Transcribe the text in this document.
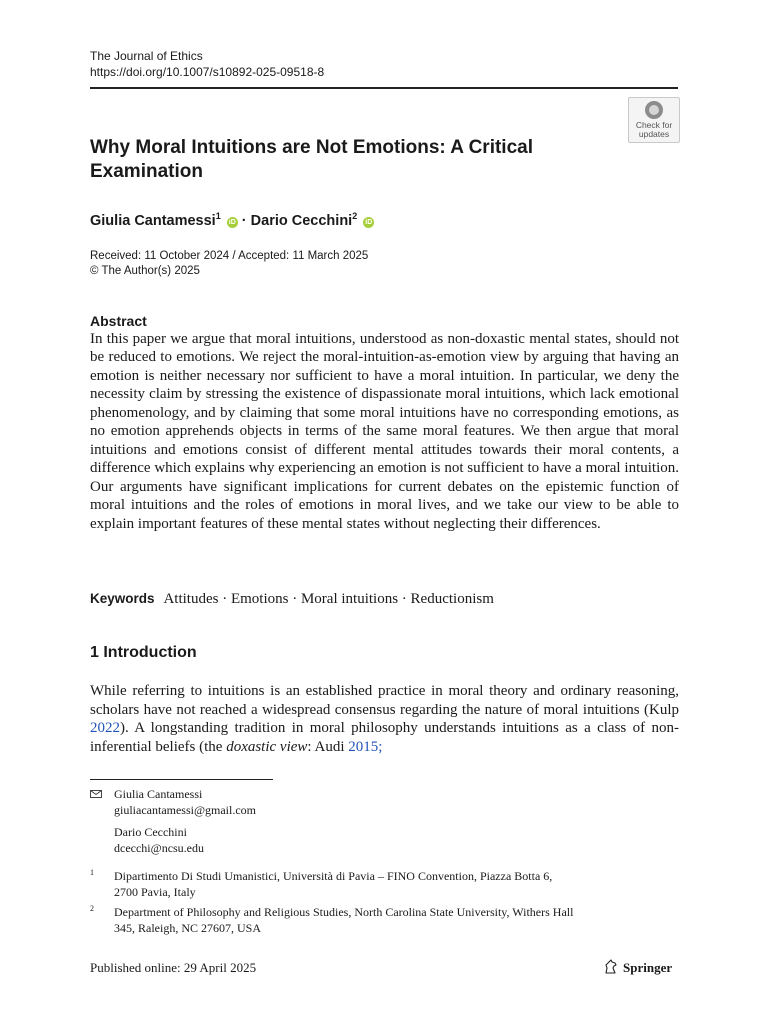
The Journal of Ethics
https://doi.org/10.1007/s10892-025-09518-8
Check for
updates
Why Moral Intuitions are Not Emotions: A Critical Examination
Giulia Cantamessi$^1$ iD · Dario Cecchini$^2$ iD
Received: 11 October 2024 / Accepted: 11 March 2025
© The Author(s) 2025
Abstract
In this paper we argue that moral intuitions, understood as non-doxastic mental states, should not be reduced to emotions. We reject the moral-intuition-as-emotion view by arguing that having an emotion is neither necessary nor sufficient to have a moral intuition. In particular, we deny the necessity claim by stressing the existence of dispassionate moral intuitions, which lack emotional phenomenology, and by claiming that some moral intuitions have no corresponding emotions, as no emotion apprehends objects in terms of the same moral features. We then argue that moral intuitions and emotions consist of different mental attitudes towards their moral contents, a difference which explains why experiencing an emotion is not sufficient to have a moral intuition. Our arguments have significant implications for current debates on the epistemic function of moral intuitions and the roles of emotions in moral lives, and we take our view to be able to explain important features of these mental states without neglecting their differences.
Keywords Attitudes · Emotions · Moral intuitions · Reductionism
1 Introduction
While referring to intuitions is an established practice in moral theory and ordinary reasoning, scholars have not reached a widespread consensus regarding the nature of moral intuitions (Kulp 2022). A longstanding tradition in moral philosophy understands intuitions as a class of non-inferential beliefs (the doxastic view: Audi 2015;
Giulia Cantamessi
giuliacantamessi@gmail.com
Dario Cecchini
dcecchi@ncsu.edu
1 Dipartimento Di Studi Umanistici, Università di Pavia – FINO Convention, Piazza Botta 6,
2700 Pavia, Italy
2 Department of Philosophy and Religious Studies, North Carolina State University, Withers Hall
345, Raleigh, NC 27607, USA
Published online: 29 April 2025	Springer
